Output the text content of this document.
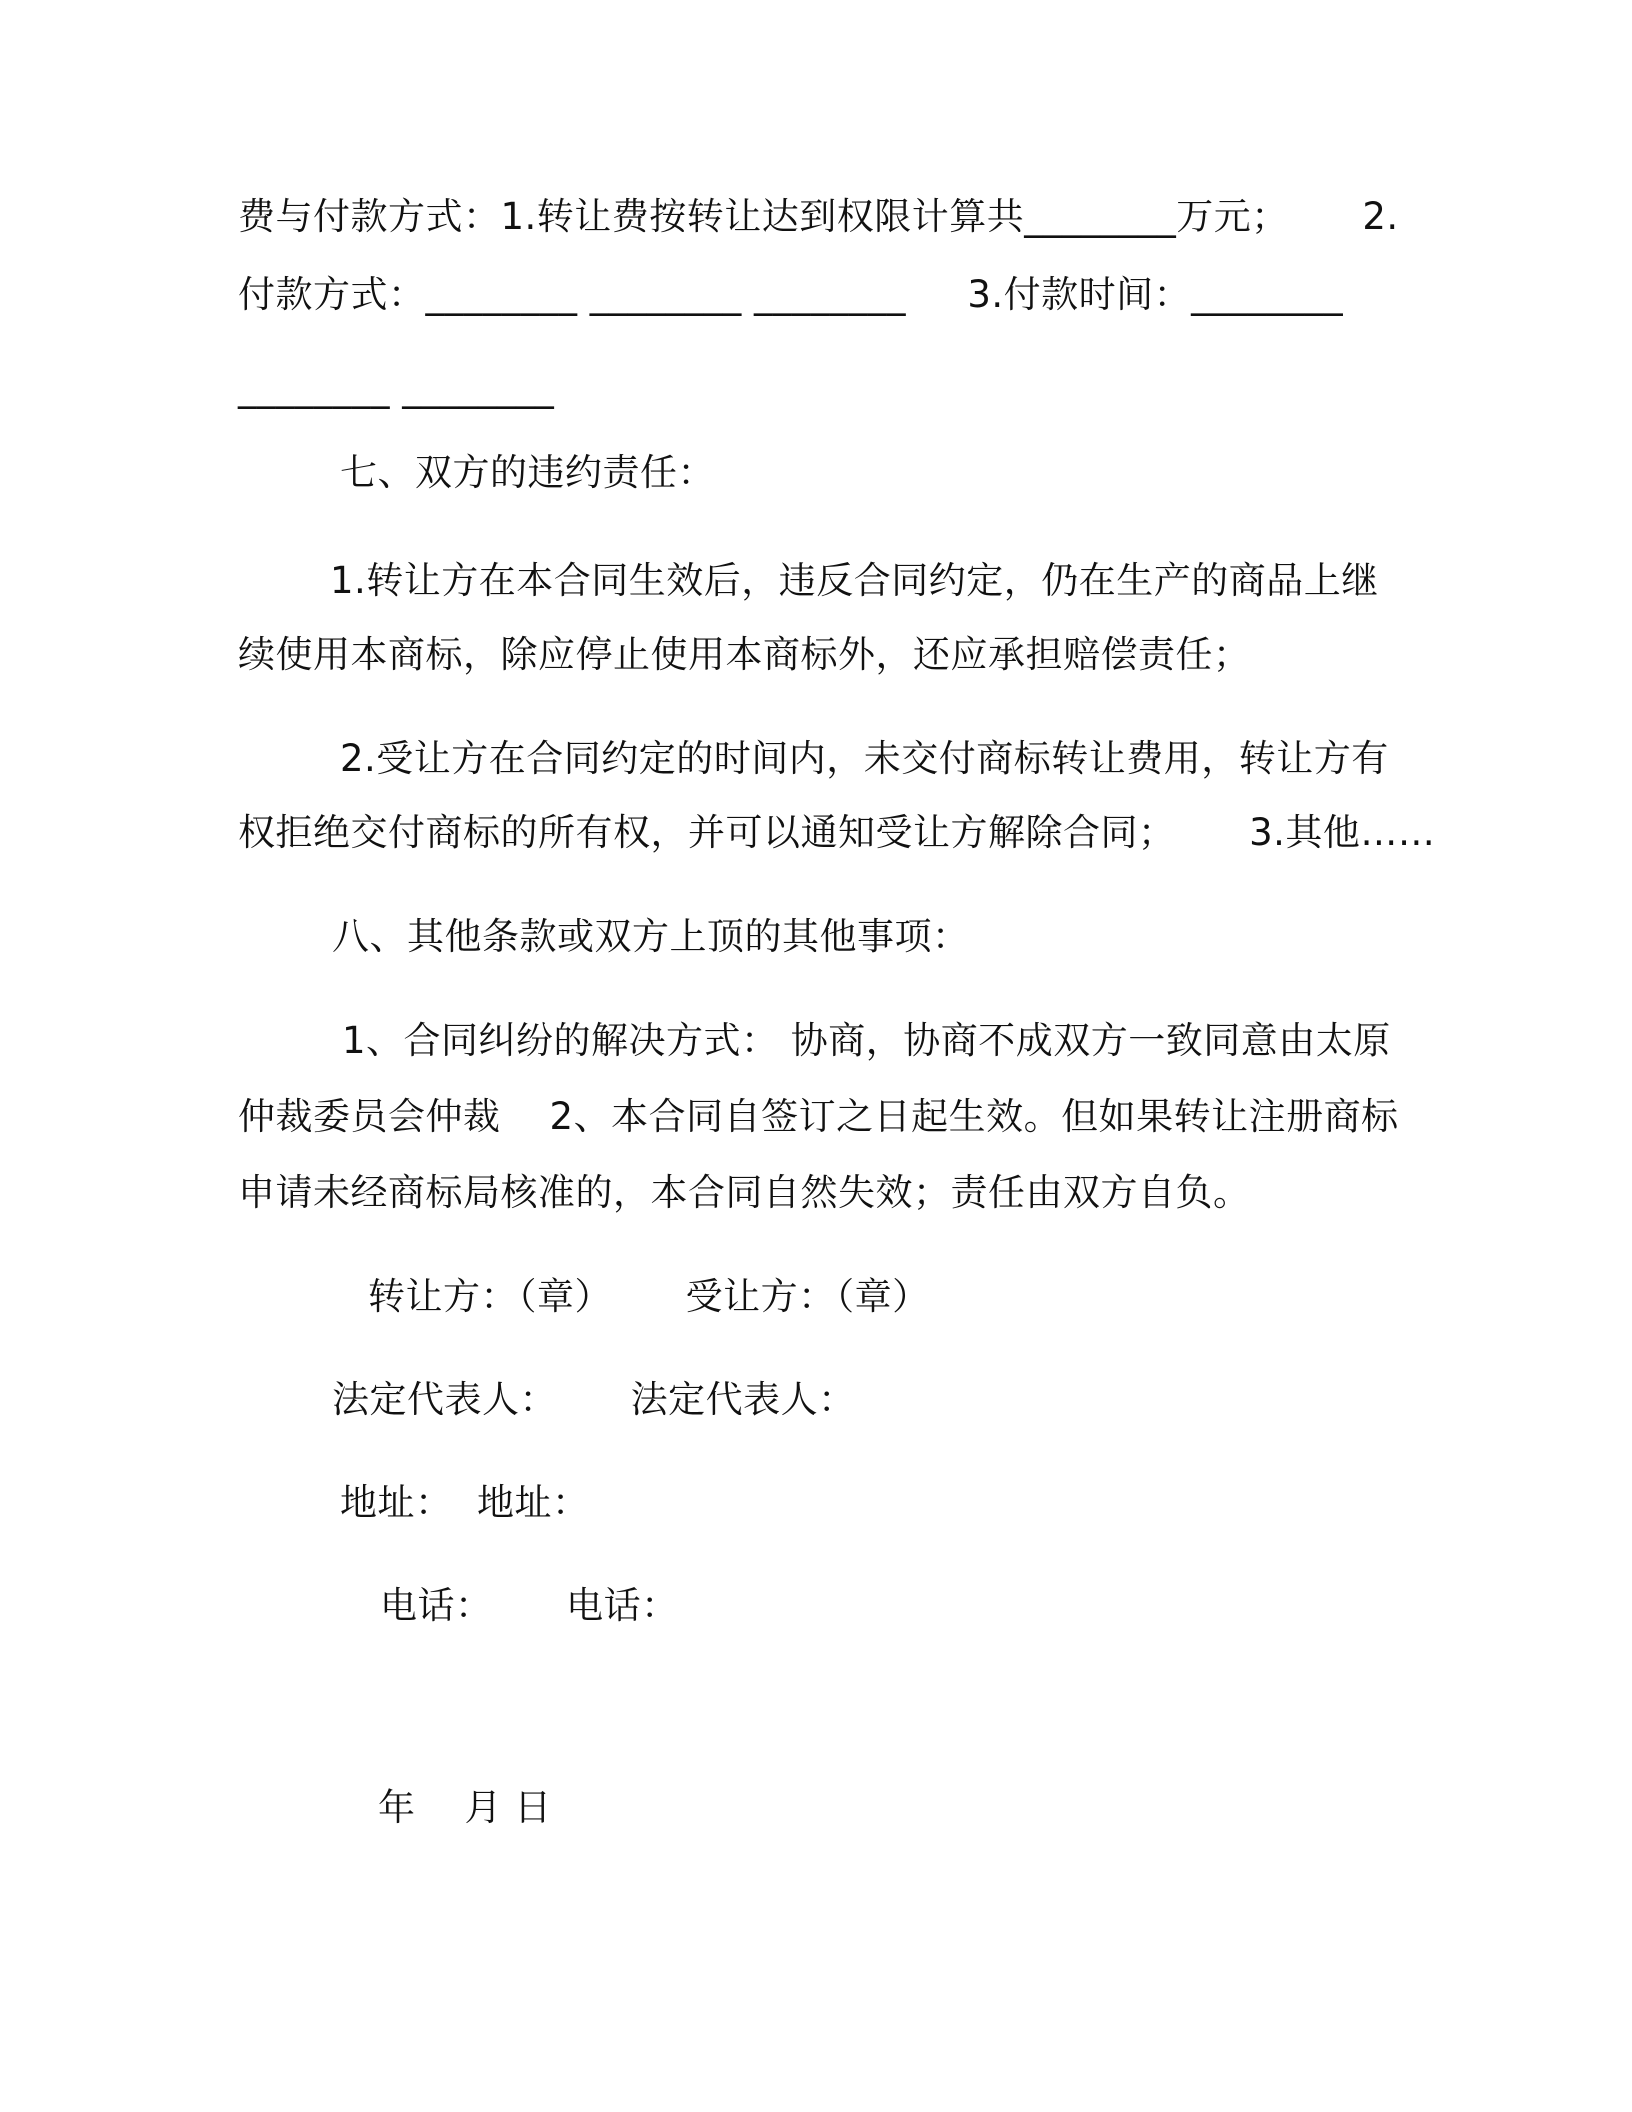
费与付款方式：1.转让费按转让达到权限计算共________万元；      2.
付款方式：________ ________ ________     3.付款时间：________
________ ________
七、双方的违约责任：
1.转让方在本合同生效后，违反合同约定，仍在生产的商品上继
续使用本商标，除应停止使用本商标外，还应承担赔偿责任；
2.受让方在合同约定的时间内，未交付商标转让费用，转让方有
权拒绝交付商标的所有权，并可以通知受让方解除合同；      3.其他……
八、其他条款或双方上顶的其他事项：
1、合同纠纷的解决方式： 协商，协商不成双方一致同意由太原
仲裁委员会仲裁    2、本合同自签订之日起生效。但如果转让注册商标
申请未经商标局核准的，本合同自然失效；责任由双方自负。
转让方：（章）      受让方：（章）
法定代表人：      法定代表人：
地址：  地址：
电话：      电话：
年    月 日
